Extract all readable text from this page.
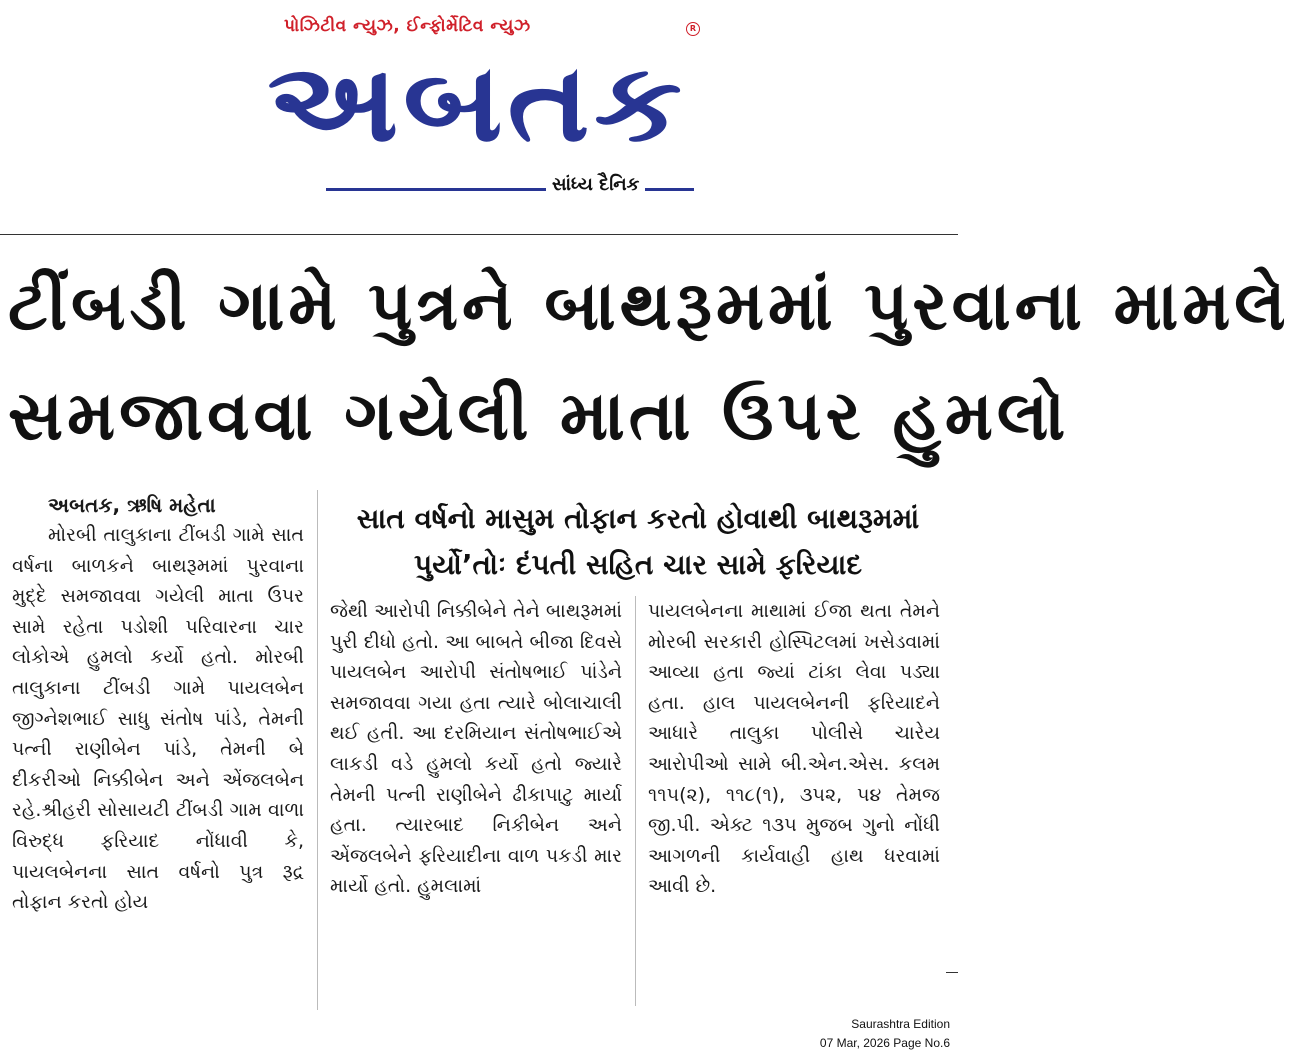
પોઝિટીવ ન્યુઝ, ઈન્ફોર્મેટિવ ન્યુઝ	R
અબતક
સાંધ્ય દૈનિક
ટીંબડી ગામે પુત્રને બાથરૂમમાં પુરવાના મામલે
સમજાવવા ગયેલી માતા ઉપર હુમલો
અબતક, ઋષિ મહેતા

મોરબી તાલુકાના ટીંબડી ગામે સાત વર્ષના બાળકને બાથરૂમમાં પુરવાના મુદ્દે સમજાવવા ગયેલી માતા ઉપર સામે રહેતા પડોશી પરિવારના ચાર લોકોએ હુમલો કર્યો હતો. મોરબી તાલુકાના ટીંબડી ગામે પાયલબેન જીગ્નેશભાઈ સાધુ સંતોષ પાંડે, તેમની પત્ની રાણીબેન પાંડે, તેમની બે દીકરીઓ નિક્કીબેન અને એંજલબેન રહે.શ્રીહરી સોસાયટી ટીંબડી ગામ વાળા વિરુદ્ધ ફરિયાદ નોંધાવી કે, પાયલબેનના સાત વર્ષનો પુત્ર રૂદ્ર તોફાન કરતો હોય

સાત વર્ષનો માસુમ તોફાન કરતો હોવાથી બાથરૂમમાં પુર્યો’તોઃ દંપતી સહિત ચાર સામે ફરિયાદ

જેથી આરોપી નિક્કીબેને તેને બાથરૂમમાં પુરી દીધો હતો. આ બાબતે બીજા દિવસે પાયલબેન આરોપી સંતોષભાઈ પાંડેને સમજાવવા ગયા હતા ત્યારે બોલાચાલી થઈ હતી. આ દરમિયાન સંતોષભાઈએ લાકડી વડે હુમલો કર્યો હતો જ્યારે તેમની પત્ની રાણીબેને ઢીકાપાટુ માર્યા હતા. ત્યારબાદ નિકીબેન અને એંજલબેને ફરિયાદીના વાળ પકડી માર માર્યો હતો. હુમલામાં

પાયલબેનના માથામાં ઈજા થતા તેમને મોરબી સરકારી હોસ્પિટલમાં ખસેડવામાં આવ્યા હતા જ્યાં ટાંકા લેવા પડ્યા હતા. હાલ પાયલબેનની ફરિયાદને આધારે તાલુકા પોલીસે ચારેય આરોપીઓ સામે બી.એન.એસ. કલમ ૧૧૫(૨), ૧૧૮(૧), ૩૫૨, ૫૪ તેમજ જી.પી. એક્ટ ૧૩૫ મુજબ ગુનો નોંધી આગળની કાર્યવાહી હાથ ધરવામાં આવી છે.

Saurashtra Edition
07 Mar, 2026 Page No.6
